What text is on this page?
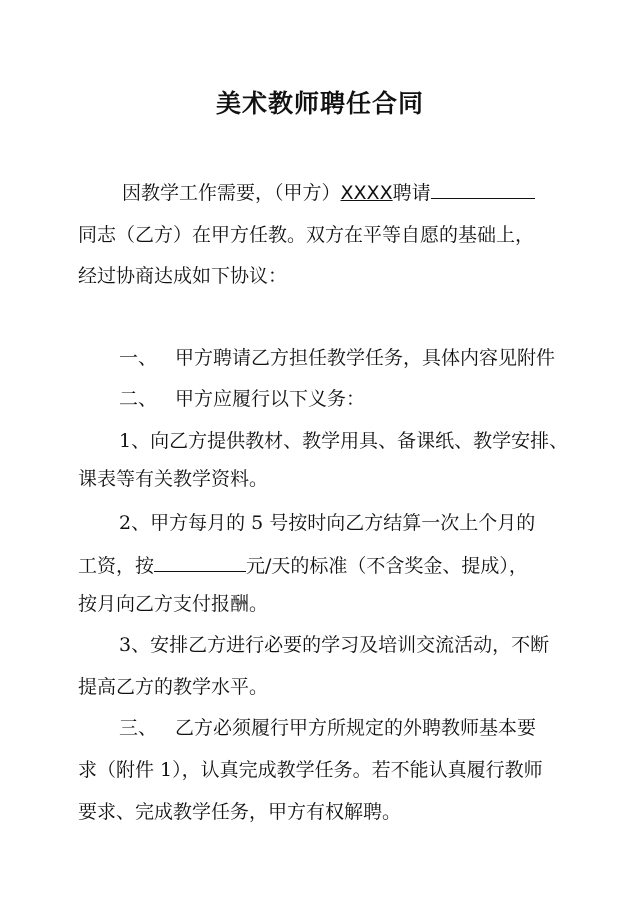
美术教师聘任合同
因教学工作需要，（甲方）XXXX聘请
同志（乙方）在甲方任教。双方在平等自愿的基础上，
经过协商达成如下协议：
一、 甲方聘请乙方担任教学任务，具体内容见附件
二、 甲方应履行以下义务：
1、向乙方提供教材、教学用具、备课纸、教学安排、
课表等有关教学资料。
2、甲方每月的 5 号按时向乙方结算一次上个月的
工资，按	元/天的标准（不含奖金、提成），
按月向乙方支付报酬。
3、安排乙方进行必要的学习及培训交流活动，不断
提高乙方的教学水平。
三、 乙方必须履行甲方所规定的外聘教师基本要
求（附件 1），认真完成教学任务。若不能认真履行教师
要求、完成教学任务，甲方有权解聘。
